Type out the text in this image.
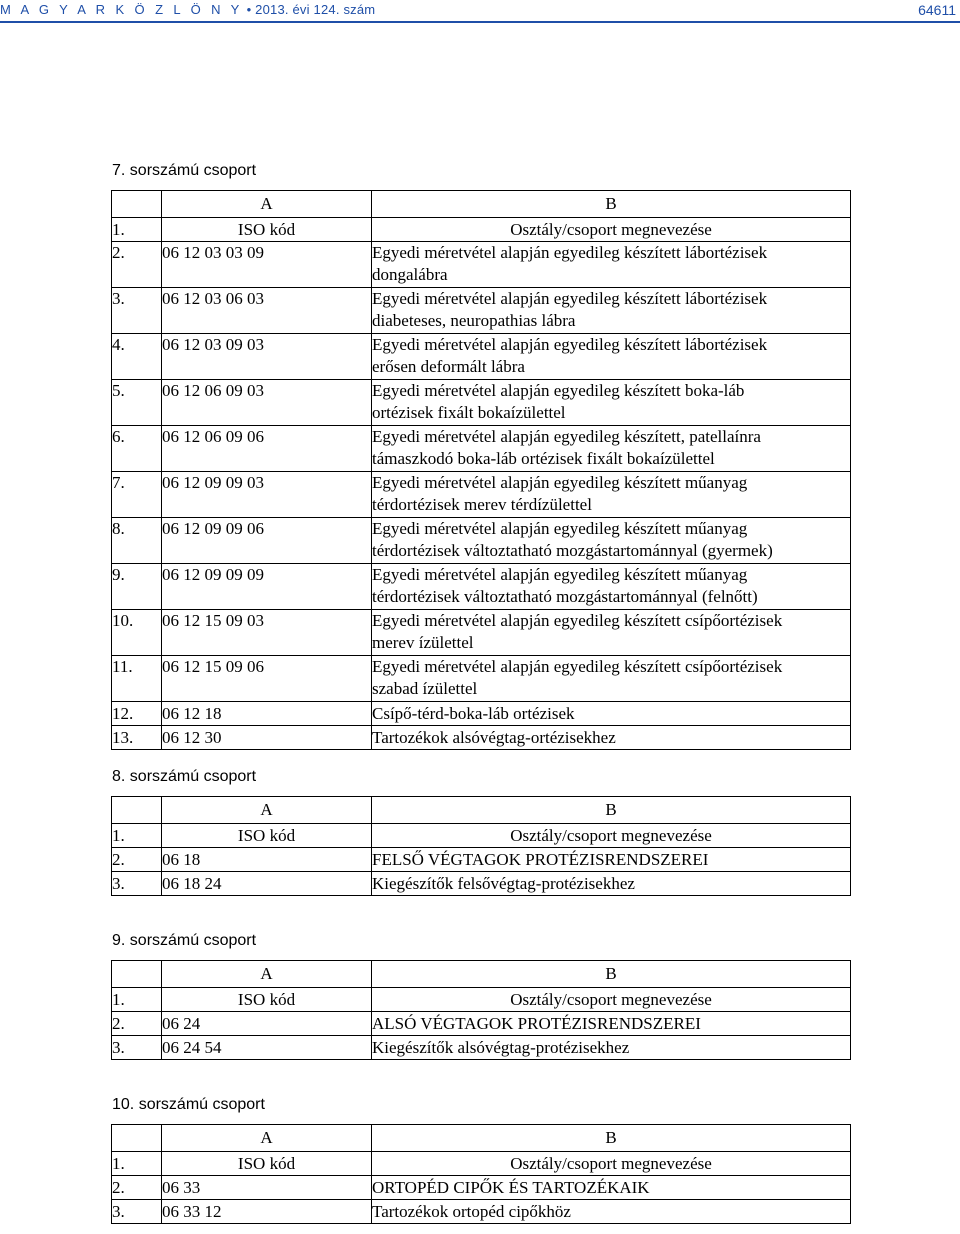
M A G Y A R K Ö Z L Ö N Y • 2013. évi 124. szám	64611
7. sorszámú csoport
	A	B
1.	ISO kód	Osztály/csoport megnevezése
2.	06 12 03 03 09	Egyedi méretvétel alapján egyedileg készített lábortézisek
dongalábra

3.	06 12 03 06 03	Egyedi méretvétel alapján egyedileg készített lábortézisek
diabeteses, neuropathias lábra

4.	06 12 03 09 03	Egyedi méretvétel alapján egyedileg készített lábortézisek
erősen deformált lábra

5.	06 12 06 09 03	Egyedi méretvétel alapján egyedileg készített boka-láb
ortézisek fixált bokaízülettel

6.	06 12 06 09 06	Egyedi méretvétel alapján egyedileg készített, patellaínra
támaszkodó boka-láb ortézisek fixált bokaízülettel

7.	06 12 09 09 03	Egyedi méretvétel alapján egyedileg készített műanyag
térdortézisek merev térdízülettel

8.	06 12 09 09 06	Egyedi méretvétel alapján egyedileg készített műanyag
térdortézisek változtatható mozgástartománnyal (gyermek)

9.	06 12 09 09 09	Egyedi méretvétel alapján egyedileg készített műanyag
térdortézisek változtatható mozgástartománnyal (felnőtt)

10.	06 12 15 09 03	Egyedi méretvétel alapján egyedileg készített csípőortézisek
merev ízülettel

11.	06 12 15 09 06	Egyedi méretvétel alapján egyedileg készített csípőortézisek
szabad ízülettel

12.	06 12 18	Csípő-térd-boka-láb ortézisek
13.	06 12 30	Tartozékok alsóvégtag-ortézisekhez
8. sorszámú csoport
	A	B
1.	ISO kód	Osztály/csoport megnevezése
2.	06 18	FELSŐ VÉGTAGOK PROTÉZISRENDSZEREI
3.	06 18 24	Kiegészítők felsővégtag-protézisekhez
9. sorszámú csoport
	A	B
1.	ISO kód	Osztály/csoport megnevezése
2.	06 24	ALSÓ VÉGTAGOK PROTÉZISRENDSZEREI
3.	06 24 54	Kiegészítők alsóvégtag-protézisekhez
10. sorszámú csoport
	A	B
1.	ISO kód	Osztály/csoport megnevezése
2.	06 33	ORTOPÉD CIPŐK ÉS TARTOZÉKAIK
3.	06 33 12	Tartozékok ortopéd cipőkhöz
